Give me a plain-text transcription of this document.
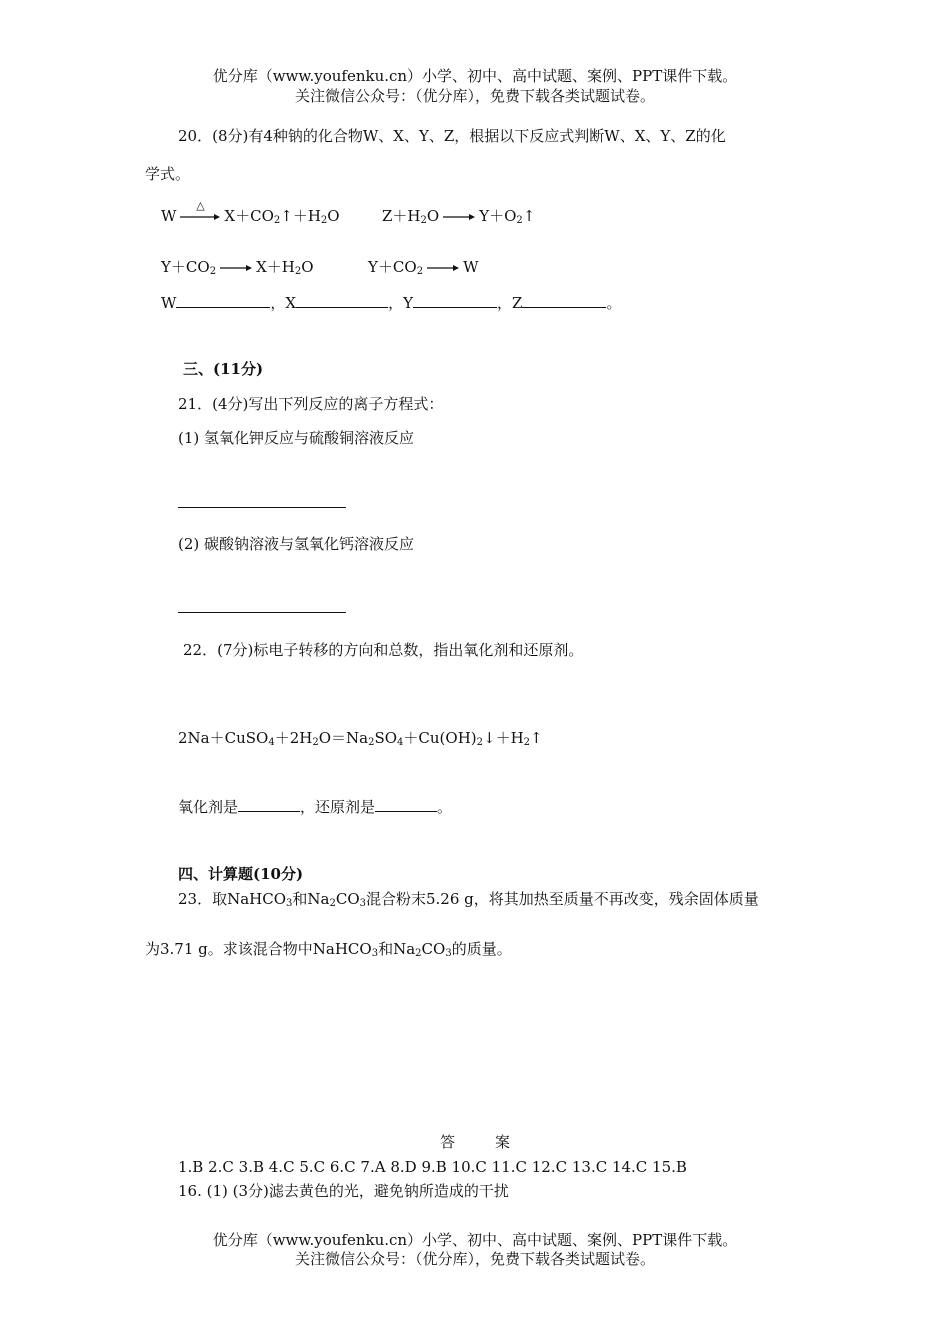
优分库（www.youfenku.cn）小学、初中、高中试题、案例、PPT课件下载。
关注微信公众号：（优分库），免费下载各类试题试卷。
20．(8分)有4种钠的化合物W、X、Y、Z，根据以下反应式判断W、X、Y、Z的化
学式。
W
△
$X+CO_2↑+H_2O$	$Z+H_2O$	$Y+O_2↑$
$Y+CO_2$	$X+H_2O$	$Y+CO_2$	W
W	，X	，Y	，Z	。
三、(11分)
21．(4分)写出下列反应的离子方程式：
(1) 氢氧化钾反应与硫酸铜溶液反应
(2) 碳酸钠溶液与氢氧化钙溶液反应
22．(7分)标电子转移的方向和总数，指出氧化剂和还原剂。
$2Na+CuSO_4+2H_2O=Na_2SO_4+Cu(OH)_2↓+H_2↑$
氧化剂是	，还原剂是	。
四、计算题(10分)
23．取NaHCO$_3$和$Na_2CO_3$混合粉末5.26 g，将其加热至质量不再改变，残余固体质量
为3.71 g。求该混合物中NaHCO$_3$和$Na_2CO_3$的质量。
答	案
1.B 2.C 3.B 4.C 5.C 6.C 7.A 8.D 9.B 10.C 11.C 12.C 13.C 14.C 15.B
16. (1) (3分)滤去黄色的光，避免钠所造成的干扰
优分库（www.youfenku.cn）小学、初中、高中试题、案例、PPT课件下载。
关注微信公众号：（优分库），免费下载各类试题试卷。
